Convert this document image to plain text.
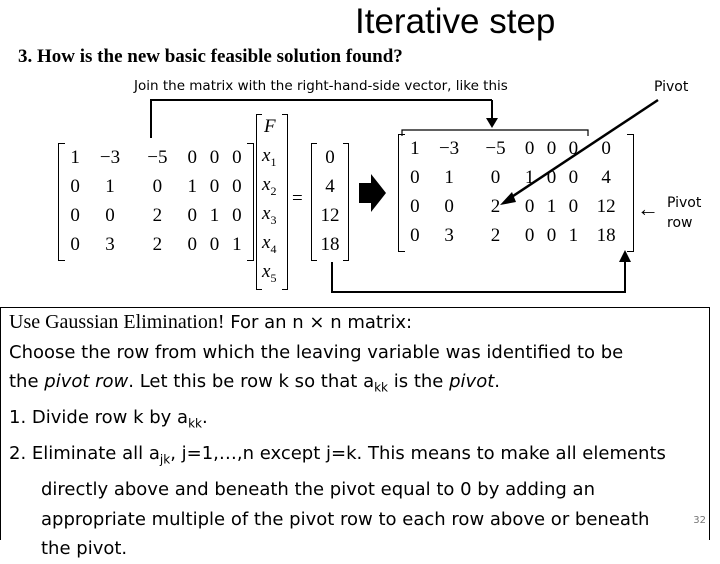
Iterative step
3. How is the new basic feasible solution found?
Join the matrix with the right-hand-side vector, like this	Pivot
Pivot
row
1	−3	−5	0	0	0
0	1	0	1	0	0
0	0	2	0	1	0
0	3	2	0	0	1
F
$x_1$
$x_2$
$x_3$
$x_4$
$x_5$
=
0
4
12
18
1	−3	−5	0	0	0	0
0	1	0	1	0	0	4
0	0	2	0	1	0	12
0	3	2	0	0	1	18
←
Use Gaussian Elimination! For an n × n matrix:
Choose the row from which the leaving variable was identified to be
the pivot row. Let this be row k so that $a_{kk}$ is the pivot.
1. Divide row k by $a_{kk}$.
2. Eliminate all $a_{jk}$, j=1,…,n except j=k. This means to make all elements
directly above and beneath the pivot equal to 0 by adding an
appropriate multiple of the pivot row to each row above or beneath
the pivot.
32
